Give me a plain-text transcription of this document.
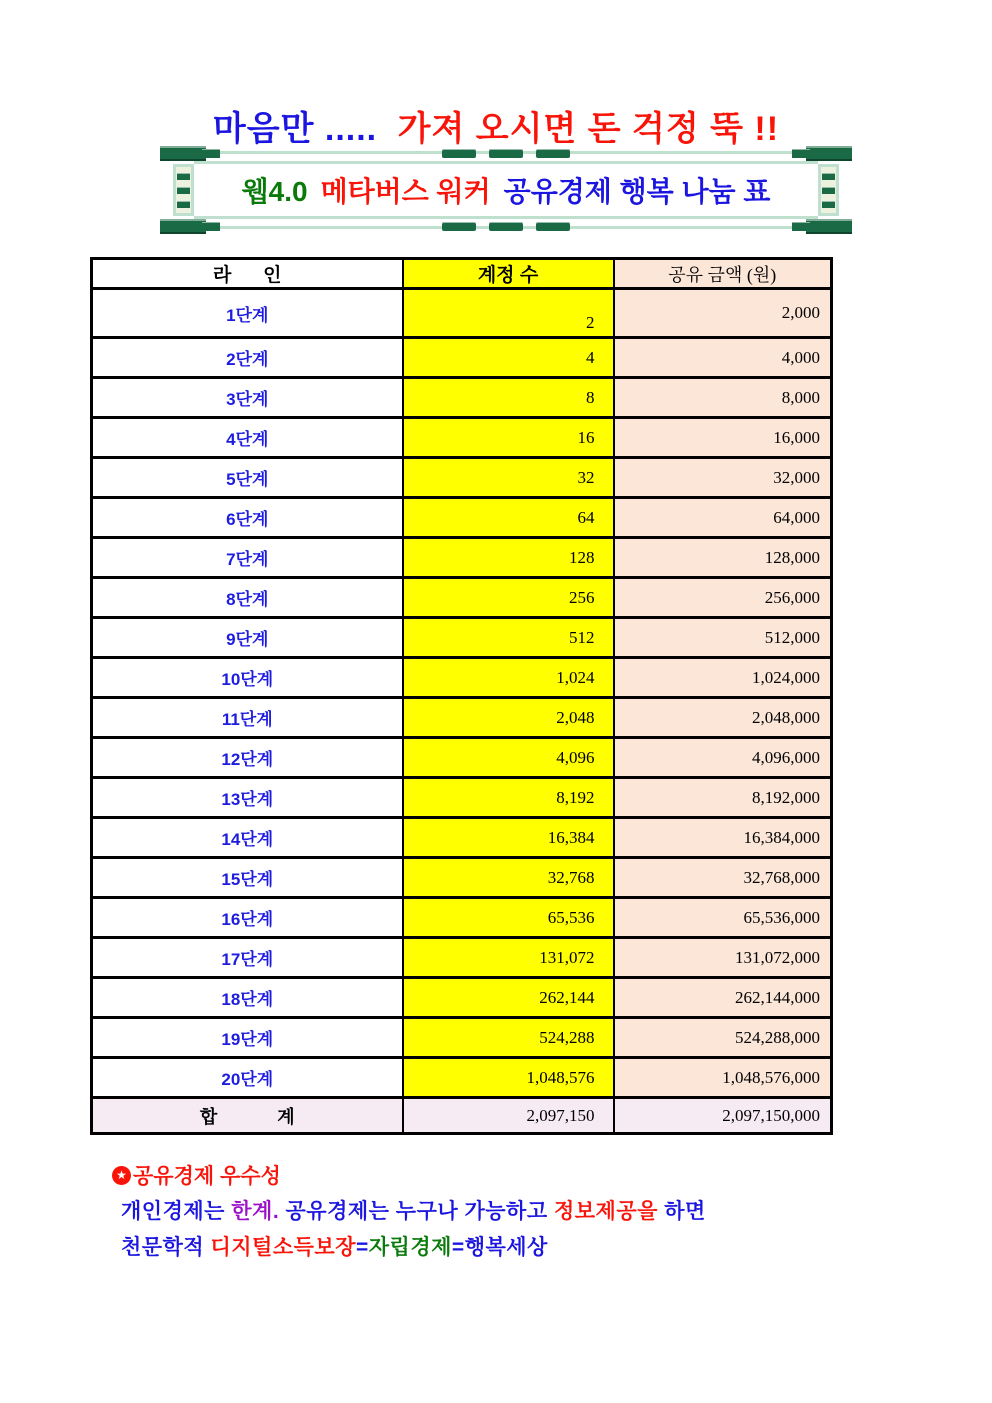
마음만 ..... 가져 오시면 돈 걱정 뚝 !!
웹4.0 메타버스 워커 공유경제 행복 나눔 표
라      인	계정 수	공유 금액 (원)
1단계	2	2,000
2단계	4	4,000
3단계	8	8,000
4단계	16	16,000
5단계	32	32,000
6단계	64	64,000
7단계	128	128,000
8단계	256	256,000
9단계	512	512,000
10단계	1,024	1,024,000
11단계	2,048	2,048,000
12단계	4,096	4,096,000
13단계	8,192	8,192,000
14단계	16,384	16,384,000
15단계	32,768	32,768,000
16단계	65,536	65,536,000
17단계	131,072	131,072,000
18단계	262,144	262,144,000
19단계	524,288	524,288,000
20단계	1,048,576	1,048,576,000
합            계	2,097,150	2,097,150,000
★ 공유경제 우수성
개인경제는 한계. 공유경제는 누구나 가능하고 정보제공을 하면
천문학적 디지털소득보장=자립경제=행복세상
